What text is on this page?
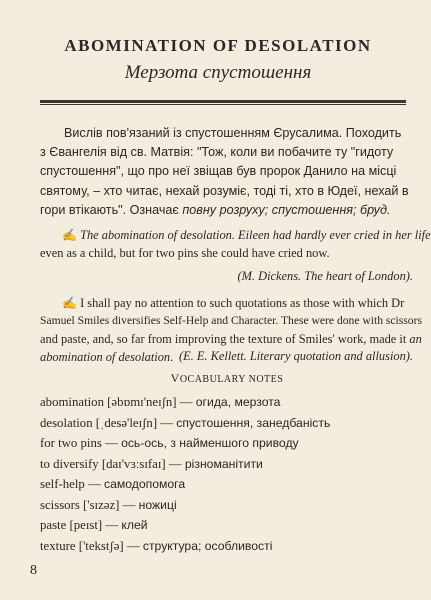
ABOMINATION OF DESOLATION
Мерзота спустошення
Вислів пов'язаний із спустошенням Єрусалима. Походить
з Євангелія від св. Матвія: "Тож, коли ви побачите ту "гидоту
спустошення", що про неї звіщав був пророк Данило на місці
святому, – хто читає, нехай розуміє, тоді ті, хто в Юдеї, нехай в
гори втікають". Означає повну розруху; спустошення; бруд.
✍ The abomination of desolation. Eileen had hardly ever cried in her life
even as a child, but for two pins she could have cried now.
(M. Dickens. The heart of London).
✍ I shall pay no attention to such quotations as those with which Dr
Samuel Smiles diversifies Self-Help and Character. These were done with scissors
and paste, and, so far from improving the texture of Smiles' work, made it an
abomination of desolation. (E. E. Kellett. Literary quotation and allusion).
VOCABULARY NOTES
abomination [əbɒmɪ'neɪʃn] — огида, мерзота
desolation [ˌdesə'leɪʃn] — спустошення, занедбаність
for two pins — ось-ось, з найменшого приводу
to diversify [daɪ'vɜːsɪfaɪ] — різноманітити
self-help — самодопомога
scissors ['sɪzəz] — ножиці
paste [peɪst] — клей
texture ['tekstʃə] — структура; особливості
8
